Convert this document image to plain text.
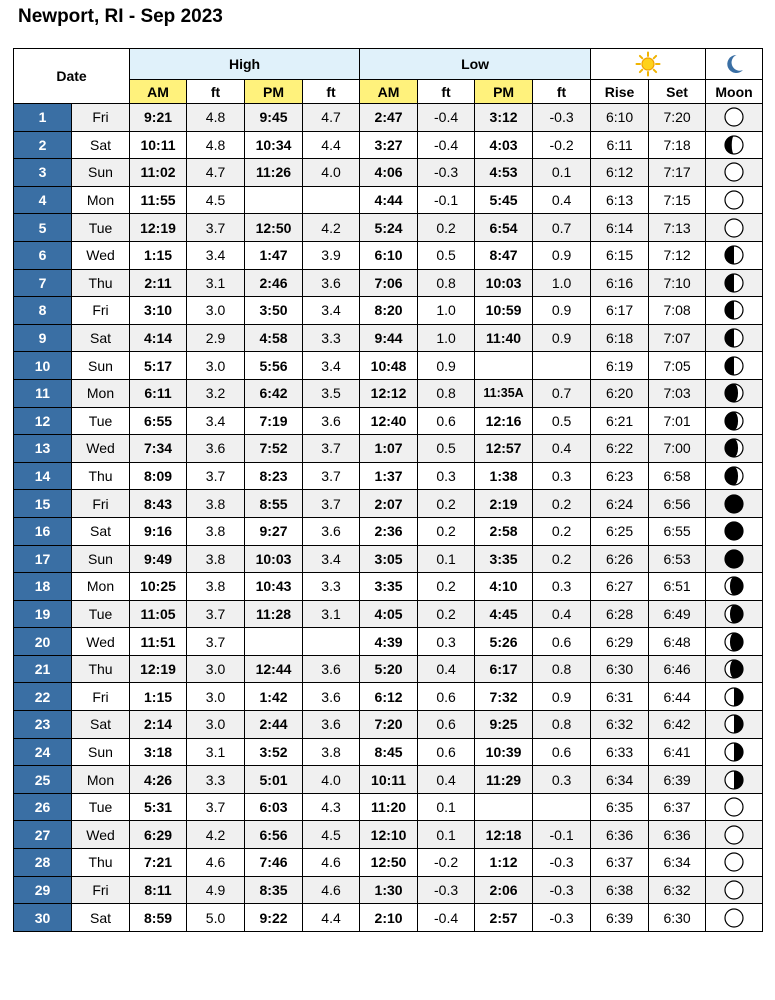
Newport, RI - Sep 2023
Date		High				Low	

		AM	ft	PM	ft	AM	ft	PM	ft	Rise	Set	Moon
1	Fri	9:21	4.8	9:45	4.7	2:47	-0.4	3:12	-0.3	6:10	7:20	

2	Sat	10:11	4.8	10:34	4.4	3:27	-0.4	4:03	-0.2	6:11	7:18	

3	Sun	11:02	4.7	11:26	4.0	4:06	-0.3	4:53	0.1	6:12	7:17	

4	Mon	11:55	4.5			4:44	-0.1	5:45	0.4	6:13	7:15	

5	Tue	12:19	3.7	12:50	4.2	5:24	0.2	6:54	0.7	6:14	7:13	

6	Wed	1:15	3.4	1:47	3.9	6:10	0.5	8:47	0.9	6:15	7:12	

7	Thu	2:11	3.1	2:46	3.6	7:06	0.8	10:03	1.0	6:16	7:10	

8	Fri	3:10	3.0	3:50	3.4	8:20	1.0	10:59	0.9	6:17	7:08	

9	Sat	4:14	2.9	4:58	3.3	9:44	1.0	11:40	0.9	6:18	7:07	

10	Sun	5:17	3.0	5:56	3.4	10:48	0.9			6:19	7:05	

11	Mon	6:11	3.2	6:42	3.5	12:12	0.8	11:35A	0.7	6:20	7:03	

12	Tue	6:55	3.4	7:19	3.6	12:40	0.6	12:16	0.5	6:21	7:01	

13	Wed	7:34	3.6	7:52	3.7	1:07	0.5	12:57	0.4	6:22	7:00	

14	Thu	8:09	3.7	8:23	3.7	1:37	0.3	1:38	0.3	6:23	6:58	

15	Fri	8:43	3.8	8:55	3.7	2:07	0.2	2:19	0.2	6:24	6:56	

16	Sat	9:16	3.8	9:27	3.6	2:36	0.2	2:58	0.2	6:25	6:55	

17	Sun	9:49	3.8	10:03	3.4	3:05	0.1	3:35	0.2	6:26	6:53	

18	Mon	10:25	3.8	10:43	3.3	3:35	0.2	4:10	0.3	6:27	6:51	

19	Tue	11:05	3.7	11:28	3.1	4:05	0.2	4:45	0.4	6:28	6:49	

20	Wed	11:51	3.7			4:39	0.3	5:26	0.6	6:29	6:48	

21	Thu	12:19	3.0	12:44	3.6	5:20	0.4	6:17	0.8	6:30	6:46	

22	Fri	1:15	3.0	1:42	3.6	6:12	0.6	7:32	0.9	6:31	6:44	

23	Sat	2:14	3.0	2:44	3.6	7:20	0.6	9:25	0.8	6:32	6:42	

24	Sun	3:18	3.1	3:52	3.8	8:45	0.6	10:39	0.6	6:33	6:41	

25	Mon	4:26	3.3	5:01	4.0	10:11	0.4	11:29	0.3	6:34	6:39	

26	Tue	5:31	3.7	6:03	4.3	11:20	0.1			6:35	6:37	

27	Wed	6:29	4.2	6:56	4.5	12:10	0.1	12:18	-0.1	6:36	6:36	

28	Thu	7:21	4.6	7:46	4.6	12:50	-0.2	1:12	-0.3	6:37	6:34	

29	Fri	8:11	4.9	8:35	4.6	1:30	-0.3	2:06	-0.3	6:38	6:32	

30	Sat	8:59	5.0	9:22	4.4	2:10	-0.4	2:57	-0.3	6:39	6:30	
